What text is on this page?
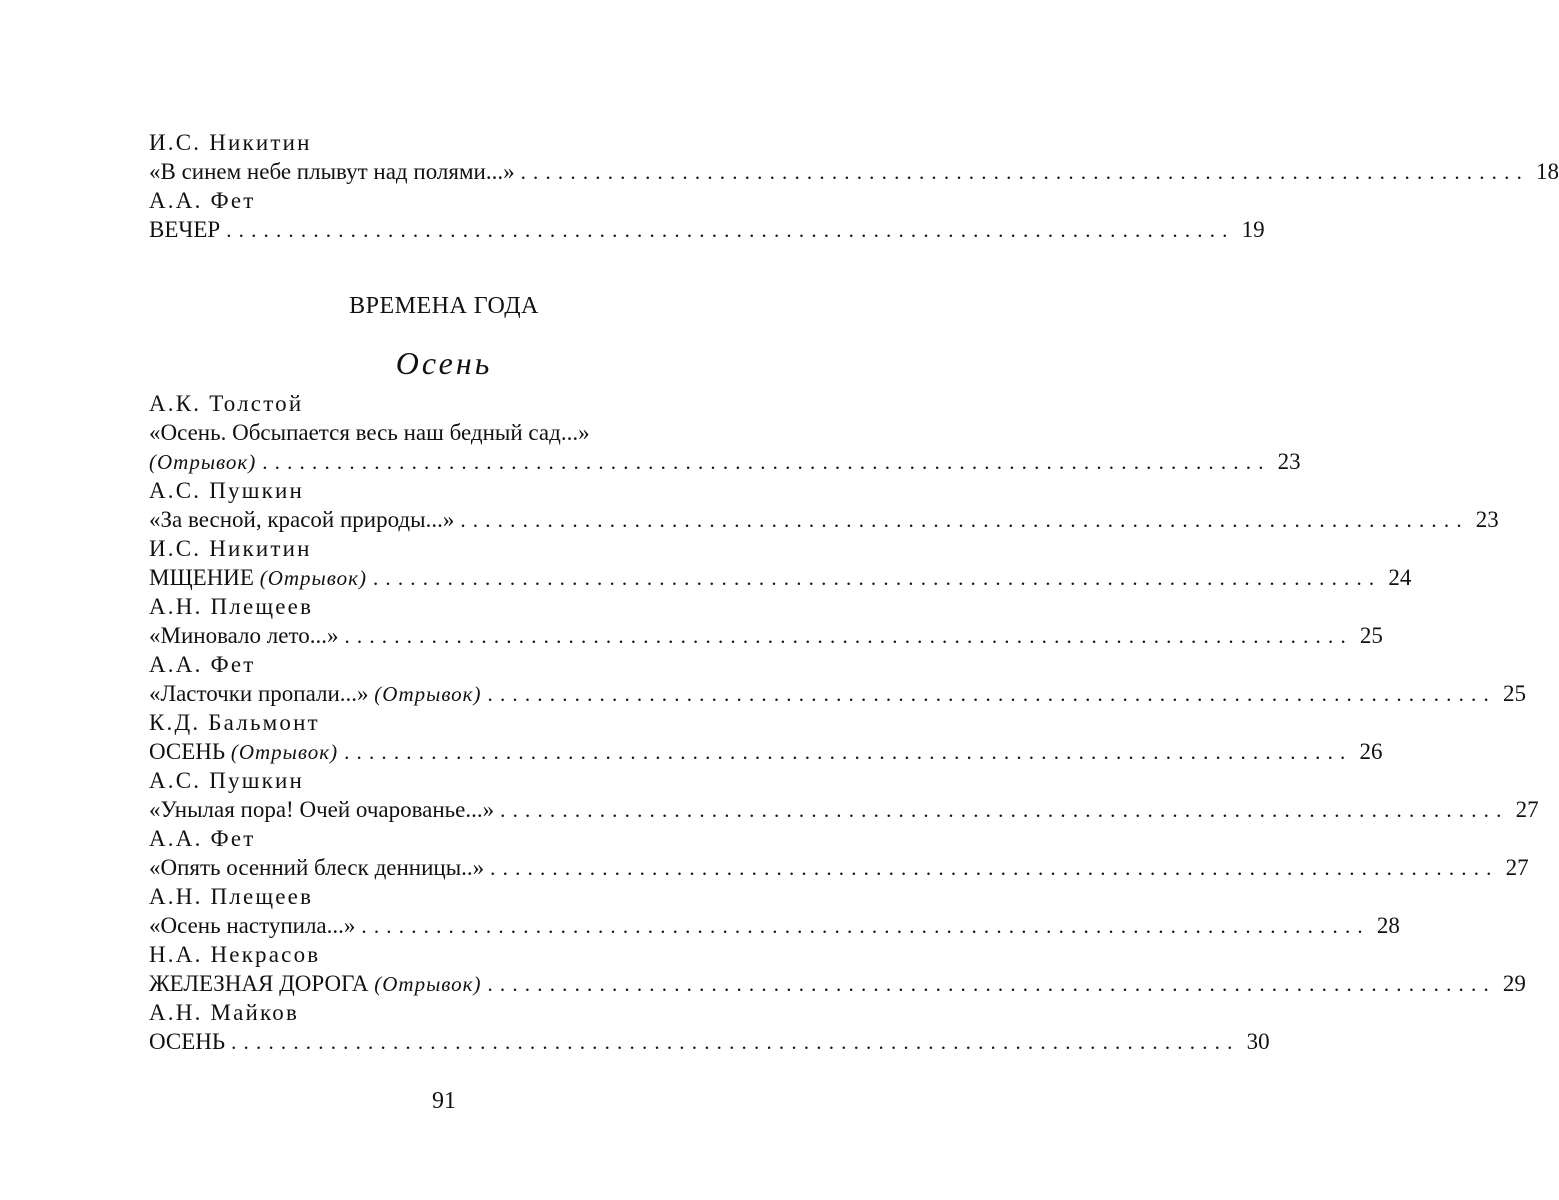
И.С. Никитин
«В синем небе плывут над полями...» ................................................................................. 18
А.А. Фет
ВЕЧЕР ................................................................................. 19
ВРЕМЕНА ГОДА
Осень
А.К. Толстой
«Осень. Обсыпается весь наш бедный сад...»
(Отрывок) ................................................................................. 23
А.С. Пушкин
«За весной, красой природы...» ................................................................................. 23
И.С. Никитин
МЩЕНИЕ (Отрывок) ................................................................................. 24
А.Н. Плещеев
«Миновало лето...» ................................................................................. 25
А.А. Фет
«Ласточки пропали...» (Отрывок) ................................................................................. 25
К.Д. Бальмонт
ОСЕНЬ (Отрывок) ................................................................................. 26
А.С. Пушкин
«Унылая пора! Очей очарованье...» ................................................................................. 27
А.А. Фет
«Опять осенний блеск денницы..» ................................................................................. 27
А.Н. Плещеев
«Осень наступила...» ................................................................................. 28
Н.А. Некрасов
ЖЕЛЕЗНАЯ ДОРОГА (Отрывок) ................................................................................. 29
А.Н. Майков
ОСЕНЬ ................................................................................. 30
91
